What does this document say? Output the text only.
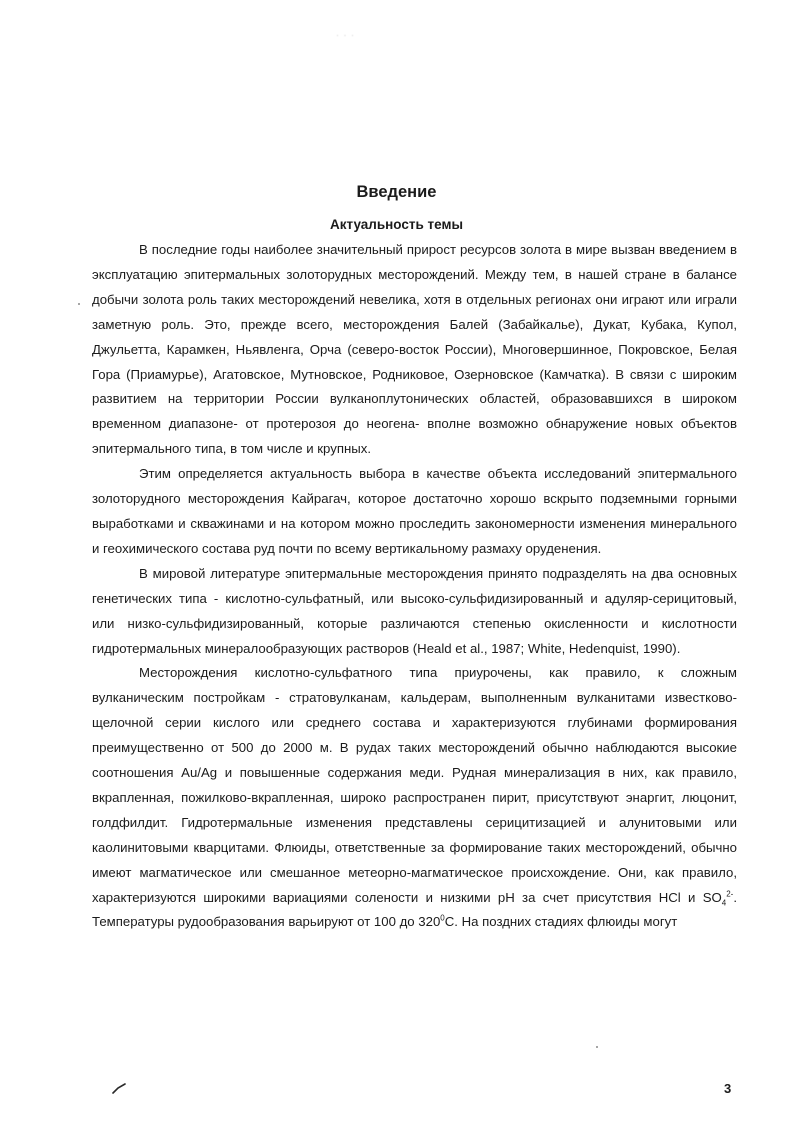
· · ·
Введение
Актуальность темы

В последние годы наиболее значительный прирост ресурсов золота в мире вызван введением в эксплуатацию эпитермальных золоторудных месторождений. Между тем, в нашей стране в балансе добычи золота роль таких месторождений невелика, хотя в отдельных регионах они играют или играли заметную роль. Это, прежде всего, месторождения Балей (Забайкалье), Дукат, Кубака, Купол, Джульетта, Карамкен, Ньявленга, Орча (северо-восток России), Многовершинное, Покровское, Белая Гора (Приамурье), Агатовское, Мутновское, Родниковое, Озерновское (Камчатка). В связи с широким развитием на территории России вулканоплутонических областей, образовавшихся в широком временном диапазоне- от протерозоя до неогена- вполне возможно обнаружение новых объектов эпитермального типа, в том числе и крупных.

Этим определяется актуальность выбора в качестве объекта исследований эпитермального золоторудного месторождения Кайрагач, которое достаточно хорошо вскрыто подземными горными выработками и скважинами и на котором можно проследить закономерности изменения минерального и геохимического состава руд почти по всему вертикальному размаху оруденения.

В мировой литературе эпитермальные месторождения принято подразделять на два основных генетических типа - кислотно-сульфатный, или высоко-сульфидизированный и адуляр-серицитовый, или низко-сульфидизированный, которые различаются степенью окисленности и кислотности гидротермальных минералообразующих растворов (Heald et al., 1987; White, Hedenquist, 1990).

Месторождения кислотно-сульфатного типа приурочены, как правило, к сложным вулканическим постройкам - стратовулканам, кальдерам, выполненным вулканитами известково-щелочной серии кислого или среднего состава и характеризуются глубинами формирования преимущественно от 500 до 2000 м. В рудах таких месторождений обычно наблюдаются высокие соотношения Au/Ag и повышенные содержания меди. Рудная минерализация в них, как правило, вкрапленная, пожилково-вкрапленная, широко распространен пирит, присутствуют энаргит, люцонит, голдфилдит. Гидротермальные изменения представлены серицитизацией и алунитовыми или каолинитовыми кварцитами. Флюиды, ответственные за формирование таких месторождений, обычно имеют магматическое или смешанное метеорно-магматическое происхождение. Они, как правило, характеризуются широкими вариациями солености и низкими pH за счет присутствия HCl и $SO_4^{2-}$. Температуры рудообразования варьируют от 100 до $320^0С$. На поздних стадиях флюиды могут

3
